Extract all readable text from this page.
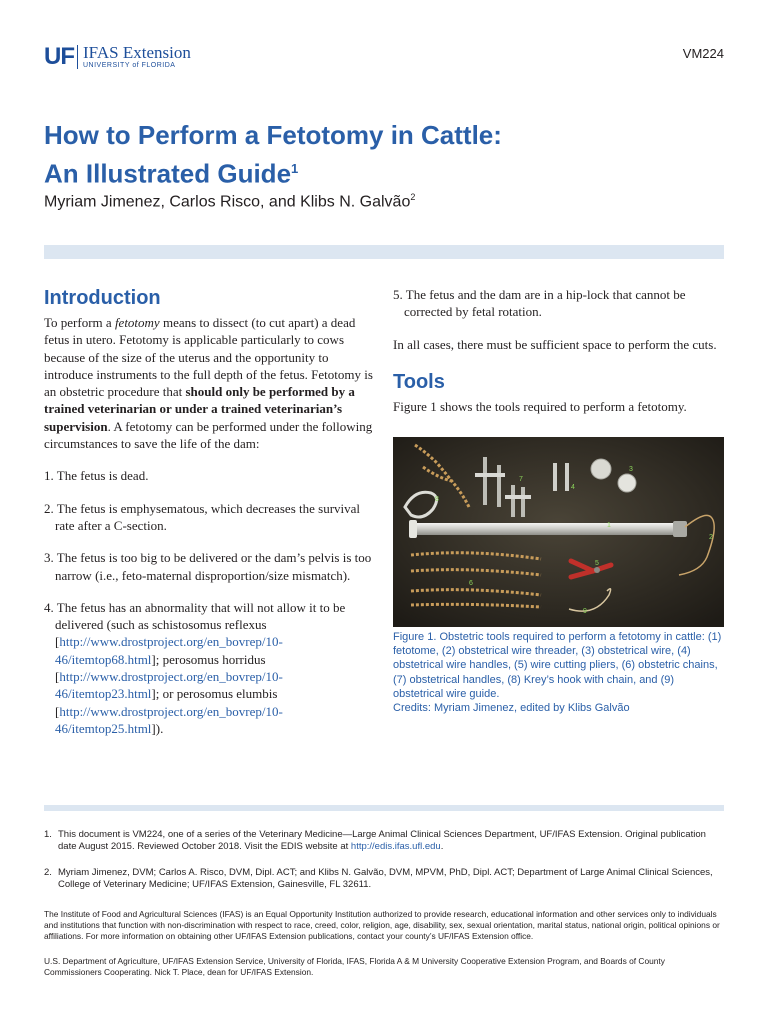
UF IFAS Extension
UNIVERSITY of FLORIDA
VM224
How to Perform a Fetotomy in Cattle:
An Illustrated Guide$^1$
Myriam Jimenez, Carlos Risco, and Klibs N. Galvão$^2$
Introduction

To perform a fetotomy means to dissect (to cut apart) a dead fetus in utero. Fetotomy is applicable particularly to cows because of the size of the uterus and the opportunity to introduce instruments to the full depth of the fetus. Fetotomy is an obstetric procedure that should only be performed by a trained veterinarian or under a trained veterinarian’s supervision. A fetotomy can be performed under the following circumstances to save the life of the dam:

1. The fetus is dead.

2. The fetus is emphysematous, which decreases the survival rate after a C-section.

3. The fetus is too big to be delivered or the dam’s pelvis is too narrow (i.e., feto-maternal disproportion/size mismatch).

4. The fetus has an abnormality that will not allow it to be delivered (such as schistosomus reflexus [http://www.drostproject.org/en_bovrep/10-46/itemtop68.html]; perosomus horridus [http://www.drostproject.org/en_bovrep/10-46/itemtop23.html]; or perosomus elumbis [http://www.drostproject.org/en_bovrep/10-46/itemtop25.html]).

5. The fetus and the dam are in a hip-lock that cannot be corrected by fetal rotation.

In all cases, there must be sufficient space to perform the cuts.

Tools

Figure 1 shows the tools required to perform a fetotomy.

8
7
4
3
1
2
5
6
9
Figure 1. Obstetric tools required to perform a fetotomy in cattle: (1) fetotome, (2) obstetrical wire threader, (3) obstetrical wire, (4) obstetrical wire handles, (5) wire cutting pliers, (6) obstetric chains, (7) obstetrical handles, (8) Krey’s hook with chain, and (9) obstetrical wire guide.
Credits: Myriam Jimenez, edited by Klibs Galvão
1. This document is VM224, one of a series of the Veterinary Medicine—Large Animal Clinical Sciences Department, UF/IFAS Extension. Original publication date August 2015. Reviewed October 2018. Visit the EDIS website at http://edis.ifas.ufl.edu.
2. Myriam Jimenez, DVM; Carlos A. Risco, DVM, Dipl. ACT; and Klibs N. Galvão, DVM, MPVM, PhD, Dipl. ACT; Department of Large Animal Clinical Sciences, College of Veterinary Medicine; UF/IFAS Extension, Gainesville, FL 32611.

The Institute of Food and Agricultural Sciences (IFAS) is an Equal Opportunity Institution authorized to provide research, educational information and other services only to individuals and institutions that function with non-discrimination with respect to race, creed, color, religion, age, disability, sex, sexual orientation, marital status, national origin, political opinions or affiliations. For more information on obtaining other UF/IFAS Extension publications, contact your county’s UF/IFAS Extension office.

U.S. Department of Agriculture, UF/IFAS Extension Service, University of Florida, IFAS, Florida A & M University Cooperative Extension Program, and Boards of County Commissioners Cooperating. Nick T. Place, dean for UF/IFAS Extension.
